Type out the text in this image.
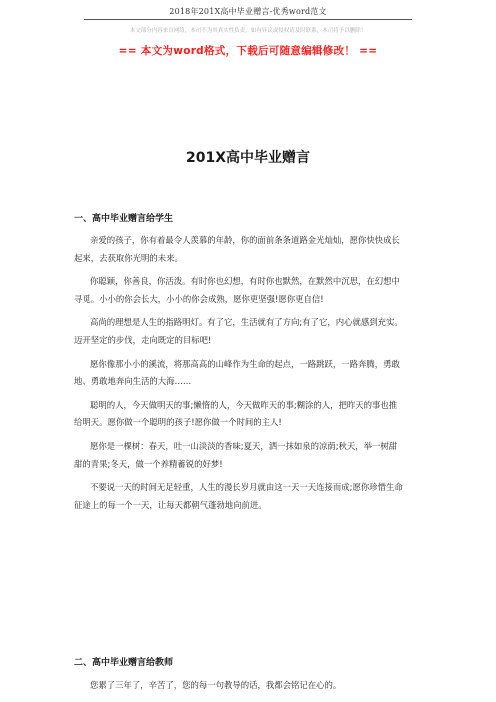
2018年201X高中毕业赠言-优秀word范文
本文部分内容来自网络，本司不为其真实性负责，如有异议或侵权请及时联系，本司将予以删除！
== 本文为word格式，下载后可随意编辑修改！ ==
201X高中毕业赠言
一、高中毕业赠言给学生

亲爱的孩子，你有着最令人羡慕的年龄，你的面前条条道路金光灿灿，愿你快快成长起来，去获取你光明的未来。

你聪颖，你善良，你活泼。有时你也幻想，有时你也默然，在默然中沉思，在幻想中寻觅。小小的你会长大，小小的你会成熟，愿你更坚强!愿你更自信!

高尚的理想是人生的指路明灯。有了它，生活就有了方向;有了它，内心就感到充实。迈开坚定的步伐，走向既定的目标吧!

愿你像那小小的溪流，将那高高的山峰作为生命的起点，一路跳跃，一路奔腾，勇敢地、勇敢地奔向生活的大海……

聪明的人，今天做明天的事;懒惰的人，今天做昨天的事;糊涂的人，把昨天的事也推给明天。愿你做一个聪明的孩子!愿你做一个时间的主人!

愿你是一棵树：春天，吐一山淡淡的香味;夏天，洒一抹如泉的凉荫;秋天，举一树甜甜的青果;冬天，做一个养精蓄锐的好梦!

不要说一天的时间无足轻重，人生的漫长岁月就由这一天一天连接而成;愿你珍惜生命征途上的每一个一天，让每天都朝气蓬勃地向前进。

二、高中毕业赠言给教师

您累了三年了，辛苦了，您的每一句教导的话，我都会铭记在心的。
